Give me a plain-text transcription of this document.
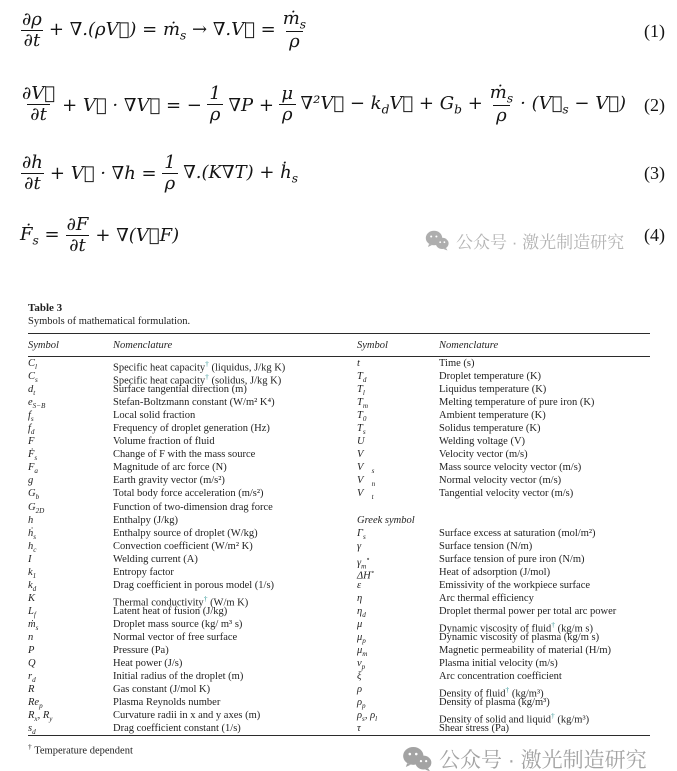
$\frac{\partial\rho}{\partial t}$ + ∇.(ρV⃗) = ṁ$_s$ → ∇.V⃗ = $\frac{ṁ_s}{\rho}$	(1)
$\frac{\partial V⃗}{\partial t}$ + V⃗ · ∇V⃗ = − $\frac{1}{\rho} \nabla P + \frac{\mu}{\rho}$ ∇²V⃗ − $k_dV⃗ + G_b + \frac{ṁ_s}{\rho}$ · ($V⃗_s$ − V⃗) (2)
$\frac{\partial h}{\partial t}$ + V⃗ · $\nabla h = \frac{1}{\rho} \nabla.(K\nabla T)$ + ḣ$_s$	(3)
Ḟ$_s$ = $\frac{\partial F}{\partial t}$ + ∇(V⃗F)	(4)
公众号 · 激光制造研究
Table 3
Symbols of mathematical formulation.
Symbol	Nomenclature	Symbol	Nomenclature
$C_l$	Specific heat capacity† (liquidus, J/kg K)	t	Time (s)
$C_s$	Specific heat capacity† (solidus, J/kg K)	$T_d$	Droplet temperature (K)
$d_t$	Surface tangential direction (m)	$T_l$	Liquidus temperature (K)
$e_{S-B}$	Stefan-Boltzmann constant (W/m² K⁴)	$T_m$	Melting temperature of pure iron (K)
$f_s$	Local solid fraction	$T_0$	Ambient temperature (K)
$f_d$	Frequency of droplet generation (Hz)	$T_s$	Solidus temperature (K)
F	Volume fraction of fluid	U	Welding voltage (V)
Ḟ$_s$	Change of F with the mass source	V⃗	Velocity vector (m/s)
$F_a$	Magnitude of arc force (N)	$V⃗_s$	Mass source velocity vector (m/s)
g⃗	Earth gravity vector (m/s²)	$V⃗_n$	Normal velocity vector (m/s)
$G_b$	Total body force acceleration (m/s²)	$V⃗_t$	Tangential velocity vector (m/s)
$G_{2D}$	Function of two-dimension drag force
h	Enthalpy (J/kg)	Greek symbol
ḣ$_s$	Enthalpy source of droplet (W/kg)	$\Gamma_s$	Surface excess at saturation (mol/m²)
$h_c$	Convection coefficient (W/m² K)	γ	Surface tension (N/m)
I	Welding current (A)	$\gamma_m^\circ$	Surface tension of pure iron (N/m)
$k_1$	Entropy factor	ΔH∘	Heat of adsorption (J/mol)
$k_d$	Drag coefficient in porous model (1/s)	ε	Emissivity of the workpiece surface
K	Thermal conductivity† (W/m K)	η	Arc thermal efficiency
$L_f$	Latent heat of fusion (J/kg)	$\eta_d$	Droplet thermal power per total arc power
ṁ$_s$	Droplet mass source (kg/ m³ s)	μ	Dynamic viscosity of fluid† (kg/m s)
n⃗	Normal vector of free surface	$\mu_p$	Dynamic viscosity of plasma (kg/m s)
P	Pressure (Pa)	$\mu_m$	Magnetic permeability of material (H/m)
Q	Heat power (J/s)	$\nu_p$	Plasma initial velocity (m/s)
$r_d$	Initial radius of the droplet (m)	ξ	Arc concentration coefficient
R	Gas constant (J/mol K)	ρ	Density of fluid† (kg/m³)
$Re_p$	Plasma Reynolds number	$\rho_p$	Density of plasma (kg/m³)
$R_x$, $R_y$	Curvature radii in x and y axes (m)	$\rho_s$, $\rho_l$	Density of solid and liquid† (kg/m³)
$s_d$	Drag coefficient constant (1/s)	τ	Shear stress (Pa)
† Temperature dependent	公众号 · 激光制造研究
